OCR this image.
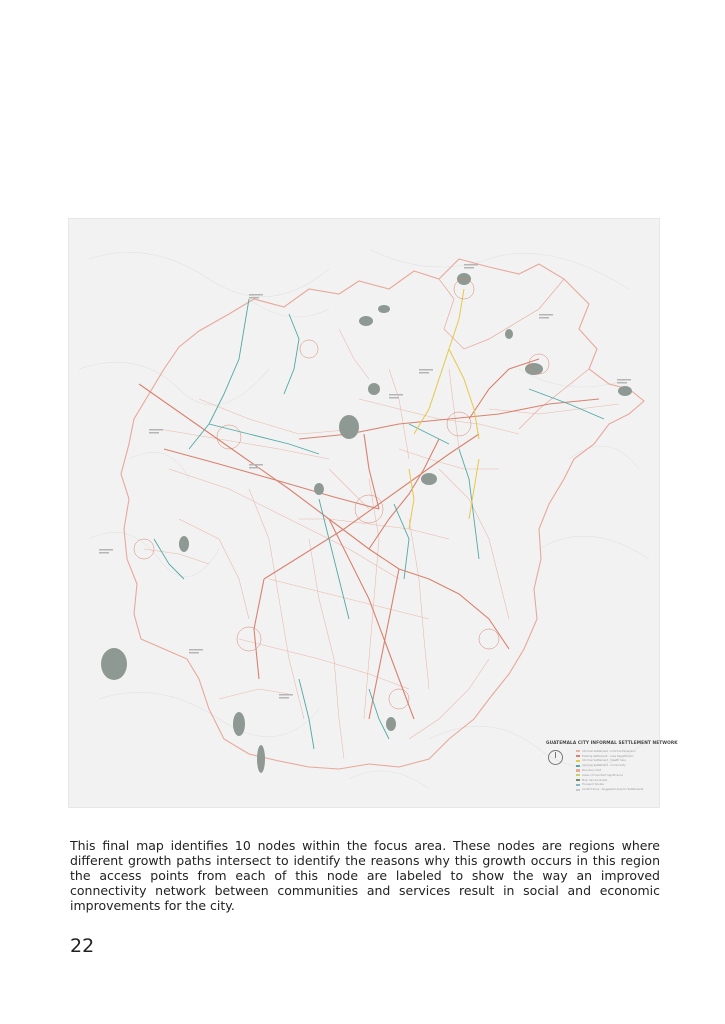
GUATEMALA CITY INFORMAL SETTLEMENT NETWORK
Informal Settlement - Informal Expansion
Existing Settlement - Area Densification
Informal Settlement - Health Care
Informal Settlement - Community
Boundary limit
Areas of Important Significance
Main Service Roads
Transport Routes
Conflict Zone - Suggested Area for Settlements

This final map identifies 10 nodes within the focus area. These nodes are regions where different growth paths intersect to identify the reasons why this growth occurs in this region the access points from each of this node are labeled to show the way an improved connectivity network between communities and services result in social and economic improvements for the city.

22
